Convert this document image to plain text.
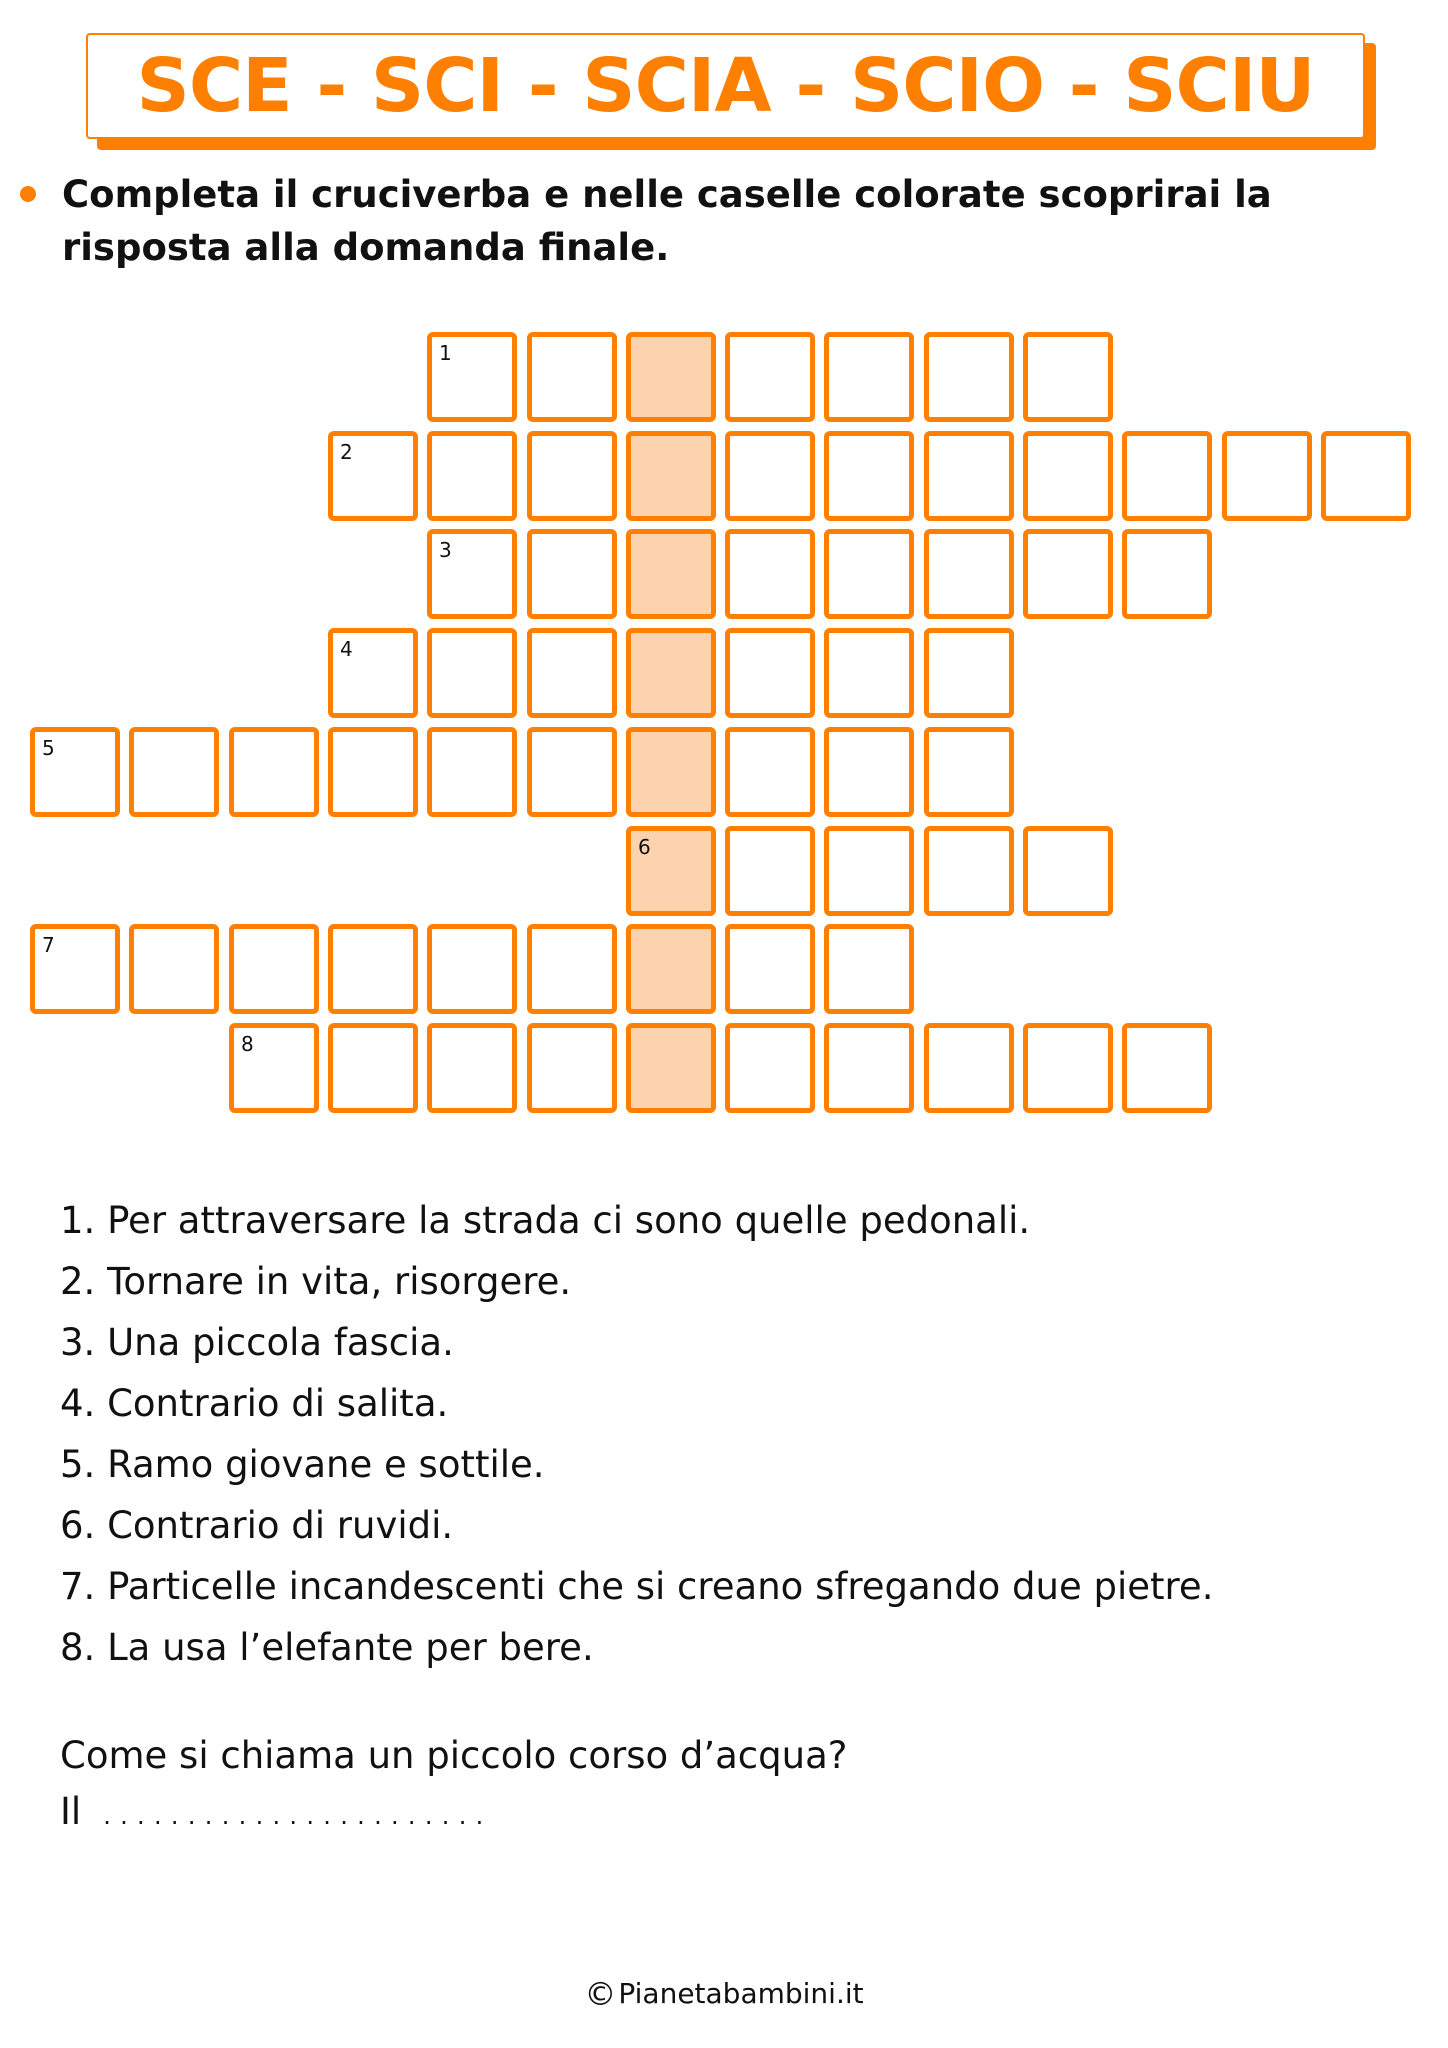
SCE - SCI - SCIA - SCIO - SCIU
Completa il cruciverba e nelle caselle colorate scoprirai la risposta alla domanda finale.
1
2
3
4
5
6
7
8
1. Per attraversare la strada ci sono quelle pedonali.
2. Tornare in vita, risorgere.
3. Una piccola fascia.
4. Contrario di salita.
5. Ramo giovane e sottile.
6. Contrario di ruvidi.
7. Particelle incandescenti che si creano sfregando due pietre.
8. La usa l’elefante per bere.
Come si chiama un piccolo corso d’acqua?
Il .......................
©Pianetabambini.it
